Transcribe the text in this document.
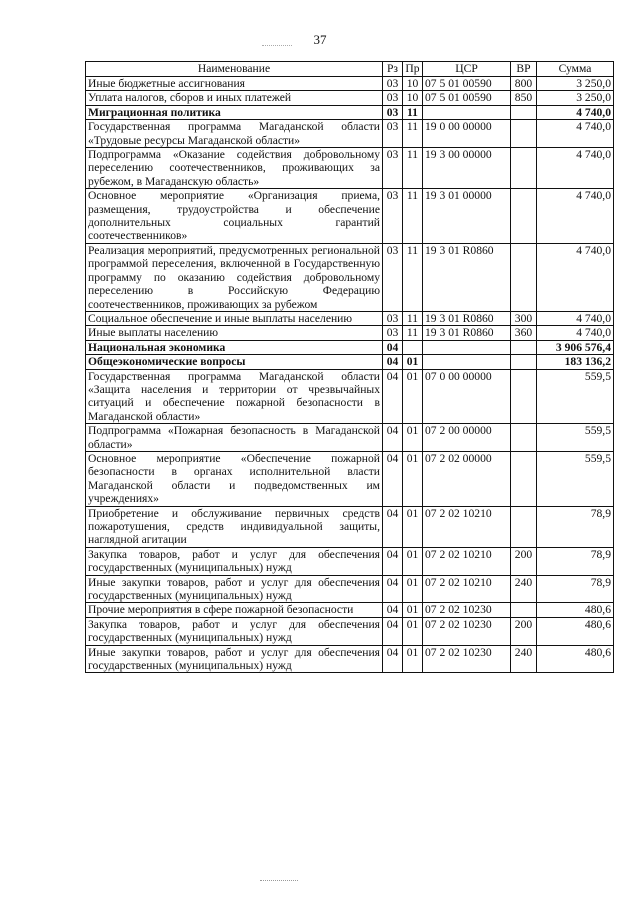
37
Наименование	Рз	Пр	ЦСР	ВР	Сумма
Иные бюджетные ассигнования	03	10	07 5 01 00590	800	3 250,0
Уплата налогов, сборов и иных платежей	03	10	07 5 01 00590	850	3 250,0
Миграционная политика	03	11			4 740,0
Государственная программа Магаданской области «Трудовые ресурсы Магаданской области»	03	11	19 0 00 00000		4 740,0
Подпрограмма «Оказание содействия добровольному переселению соотечественников, проживающих за рубежом, в Магаданскую область»	03	11	19 3 00 00000		4 740,0
Основное мероприятие «Организация приема, размещения, трудоустройства и обеспечение дополнительных социальных гарантий соотечественников»	03	11	19 3 01 00000		4 740,0
Реализация мероприятий, предусмотренных региональной программой переселения, включенной в Государственную программу по оказанию содействия добровольному переселению в Российскую Федерацию соотечественников, проживающих за рубежом	03	11	19 3 01 R0860		4 740,0
Социальное обеспечение и иные выплаты населению	03	11	19 3 01 R0860	300	4 740,0
Иные выплаты населению	03	11	19 3 01 R0860	360	4 740,0
Национальная экономика	04				3 906 576,4
Общеэкономические вопросы	04	01			183 136,2
Государственная программа Магаданской области «Защита населения и территории от чрезвычайных ситуаций и обеспечение пожарной безопасности в Магаданской области»	04	01	07 0 00 00000		559,5
Подпрограмма «Пожарная безопасность в Магаданской области»	04	01	07 2 00 00000		559,5
Основное мероприятие «Обеспечение пожарной безопасности в органах исполнительной власти Магаданской области и подведомственных им учреждениях»	04	01	07 2 02 00000		559,5
Приобретение и обслуживание первичных средств пожаротушения, средств индивидуальной защиты, наглядной агитации	04	01	07 2 02 10210		78,9
Закупка товаров, работ и услуг для обеспечения государственных (муниципальных) нужд	04	01	07 2 02 10210	200	78,9
Иные закупки товаров, работ и услуг для обеспечения государственных (муниципальных) нужд	04	01	07 2 02 10210	240	78,9
Прочие мероприятия в сфере пожарной безопасности	04	01	07 2 02 10230		480,6
Закупка товаров, работ и услуг для обеспечения государственных (муниципальных) нужд	04	01	07 2 02 10230	200	480,6
Иные закупки товаров, работ и услуг для обеспечения государственных (муниципальных) нужд	04	01	07 2 02 10230	240	480,6
